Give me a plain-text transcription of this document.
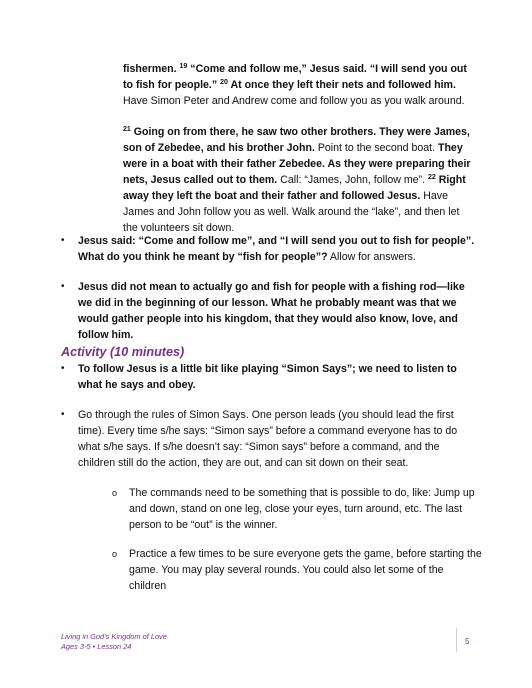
fishermen. $^{19}$ “Come and follow me,” Jesus said. “I will send you out to fish for people.” $^{20}$ At once they left their nets and followed him. Have Simon Peter and Andrew come and follow you as you walk around.
$^{21}$ Going on from there, he saw two other brothers. They were James, son of Zebedee, and his brother John. Point to the second boat. They were in a boat with their father Zebedee. As they were preparing their nets, Jesus called out to them. Call: “James, John, follow me”. $^{22}$ Right away they left the boat and their father and followed Jesus. Have James and John follow you as well. Walk around the “lake”, and then let the volunteers sit down.
• Jesus said: “Come and follow me”, and “I will send you out to fish for people”. What do you think he meant by “fish for people”? Allow for answers.
• Jesus did not mean to actually go and fish for people with a fishing rod—like we did in the beginning of our lesson. What he probably meant was that we would gather people into his kingdom, that they would also know, love, and follow him.
Activity (10 minutes)
• To follow Jesus is a little bit like playing “Simon Says”; we need to listen to what he says and obey.
• Go through the rules of Simon Says. One person leads (you should lead the first time). Every time s/he says: “Simon says” before a command everyone has to do what s/he says. If s/he doesn’t say: “Simon says” before a command, and the children still do the action, they are out, and can sit down on their seat.
o The commands need to be something that is possible to do, like: Jump up and down, stand on one leg, close your eyes, turn around, etc. The last person to be “out” is the winner.
o Practice a few times to be sure everyone gets the game, before starting the game. You may play several rounds. You could also let some of the children
Living in God’s Kingdom of Love
Ages 3-5 • Lesson 24
5
